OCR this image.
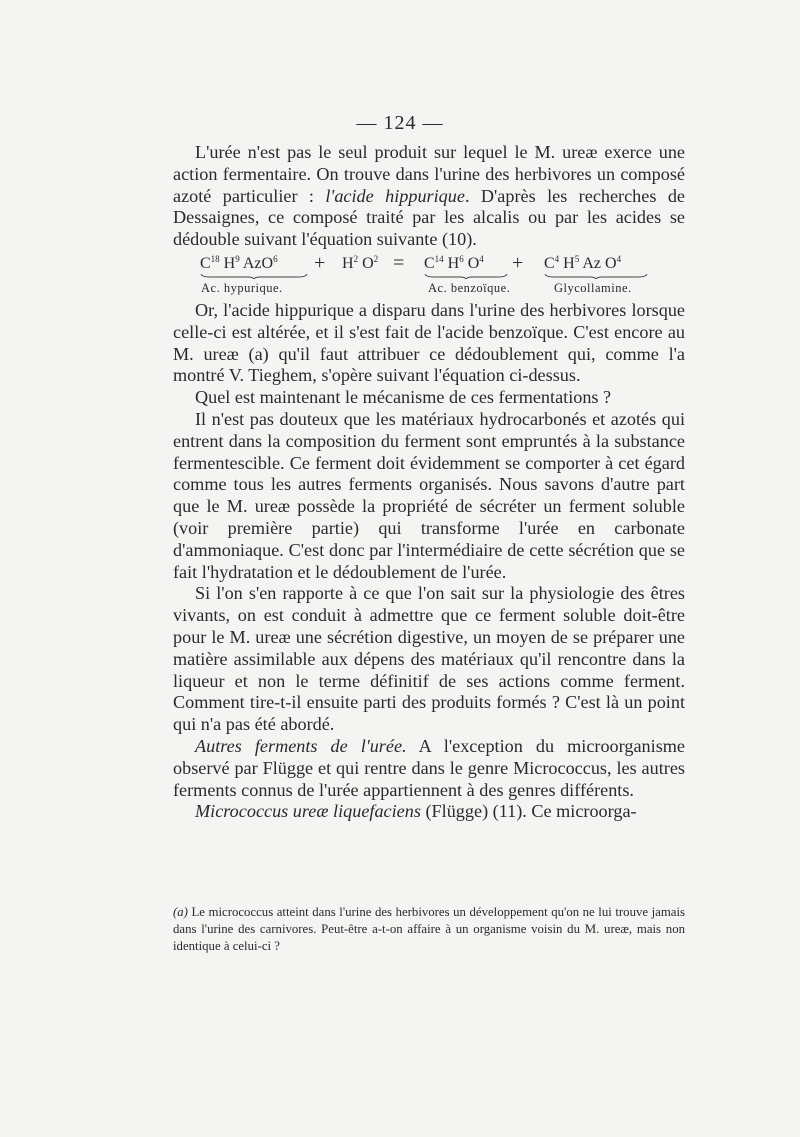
— 124 —

L'urée n'est pas le seul produit sur lequel le M. ureæ exerce une action fermentaire. On trouve dans l'urine des herbivores un composé azoté particulier : l'acide hippurique. D'après les recherches de Dessaignes, ce composé traité par les alcalis ou par les acides se dédouble suivant l'équation suivante (10).

$C^{18}$ $H^9$ $AzO^6 + H^2$ $O^2 = C^{14}$ $H^6$ $O^4 + C^4$ $H^5$ Az $O^4$
Ac. hypurique.	Ac. benzoïque.	Glycollamine.

Or, l'acide hippurique a disparu dans l'urine des herbivores lorsque celle-ci est altérée, et il s'est fait de l'acide benzoïque. C'est encore au M. ureæ (a) qu'il faut attribuer ce dédoublement qui, comme l'a montré V. Tieghem, s'opère suivant l'équation ci-dessus.

Quel est maintenant le mécanisme de ces fermentations ?

Il n'est pas douteux que les matériaux hydrocarbonés et azotés qui entrent dans la composition du ferment sont empruntés à la substance fermentescible. Ce ferment doit évidemment se comporter à cet égard comme tous les autres ferments organisés. Nous savons d'autre part que le M. ureæ possède la propriété de sécréter un ferment soluble (voir première partie) qui transforme l'urée en carbonate d'ammoniaque. C'est donc par l'intermédiaire de cette sécrétion que se fait l'hydratation et le dédoublement de l'urée.

Si l'on s'en rapporte à ce que l'on sait sur la physiologie des êtres vivants, on est conduit à admettre que ce ferment soluble doit-être pour le M. ureæ une sécrétion digestive, un moyen de se préparer une matière assimilable aux dépens des matériaux qu'il rencontre dans la liqueur et non le terme définitif de ses actions comme ferment. Comment tire-t-il ensuite parti des produits formés ? C'est là un point qui n'a pas été abordé.

Autres ferments de l'urée. A l'exception du microorganisme observé par Flügge et qui rentre dans le genre Micrococcus, les autres ferments connus de l'urée appartiennent à des genres différents.

Micrococcus ureæ liquefaciens (Flügge) (11). Ce microorga-

(a) Le micrococcus atteint dans l'urine des herbivores un développement qu'on ne lui trouve jamais dans l'urine des carnivores. Peut-être a-t-on affaire à un organisme voisin du M. ureæ, mais non identique à celui-ci ?
